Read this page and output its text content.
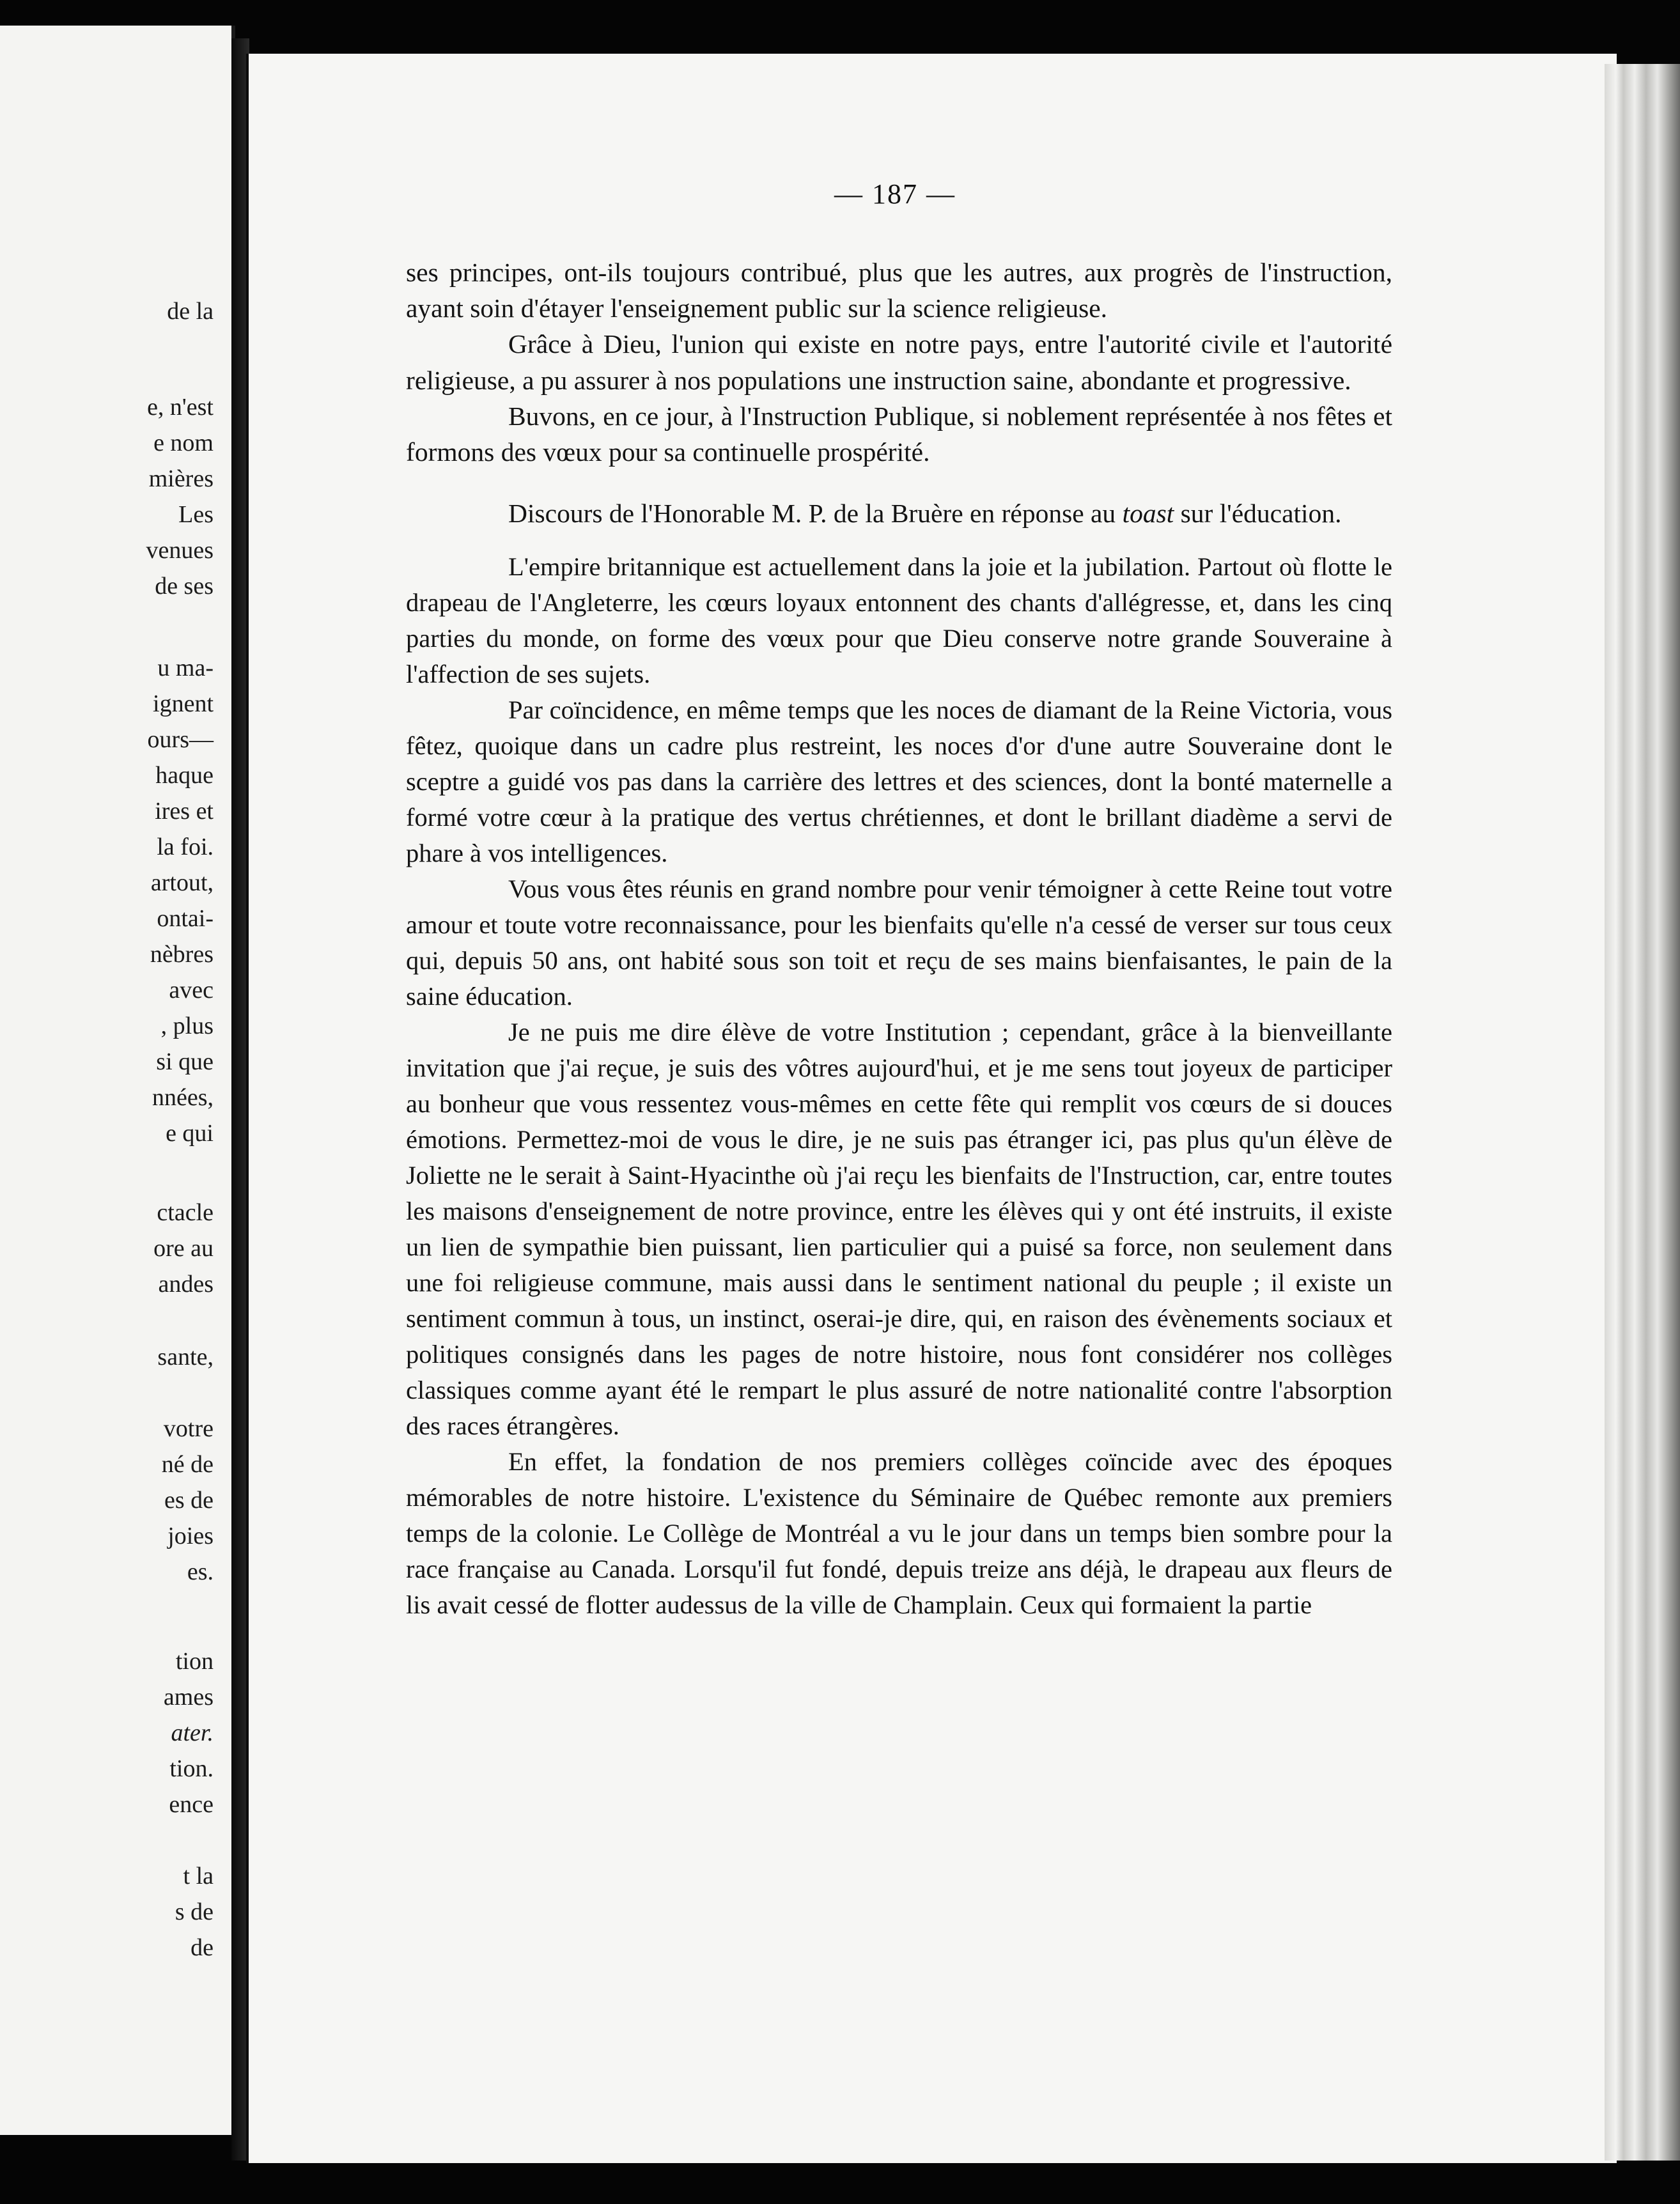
de la
e, n'est
e nom
mières
Les
venues
de ses
u ma-
ignent
ours—
haque
ires et
la foi.
artout,
ontai-
nèbres
avec
, plus
si que
nnées,
e qui
ctacle
ore au
andes
sante,
votre
né de
es de
joies
es.
tion
ames
ater.
tion.
ence
t la
s de
de
— 187 —

ses principes, ont-ils toujours contribué, plus que les autres, aux progrès de l'instruction, ayant soin d'étayer l'enseignement public sur la science religieuse.

Grâce à Dieu, l'union qui existe en notre pays, entre l'autorité civile et l'autorité religieuse, a pu assurer à nos populations une instruction saine, abondante et progressive.

Buvons, en ce jour, à l'Instruction Publique, si noblement représentée à nos fêtes et formons des vœux pour sa continuelle prospérité.

Discours de l'Honorable M. P. de la Bruère en réponse au toast sur l'éducation.

L'empire britannique est actuellement dans la joie et la jubilation. Partout où flotte le drapeau de l'Angleterre, les cœurs loyaux entonnent des chants d'allégresse, et, dans les cinq parties du monde, on forme des vœux pour que Dieu conserve notre grande Souveraine à l'affection de ses sujets.

Par coïncidence, en même temps que les noces de diamant de la Reine Victoria, vous fêtez, quoique dans un cadre plus restreint, les noces d'or d'une autre Souveraine dont le sceptre a guidé vos pas dans la carrière des lettres et des sciences, dont la bonté maternelle a formé votre cœur à la pratique des vertus chrétiennes, et dont le brillant diadème a servi de phare à vos intelligences.

Vous vous êtes réunis en grand nombre pour venir témoigner à cette Reine tout votre amour et toute votre reconnaissance, pour les bienfaits qu'elle n'a cessé de verser sur tous ceux qui, depuis 50 ans, ont habité sous son toit et reçu de ses mains bienfaisantes, le pain de la saine éducation.

Je ne puis me dire élève de votre Institution ; cependant, grâce à la bienveillante invitation que j'ai reçue, je suis des vôtres aujourd'hui, et je me sens tout joyeux de participer au bonheur que vous ressentez vous-mêmes en cette fête qui remplit vos cœurs de si douces émotions. Permettez-moi de vous le dire, je ne suis pas étranger ici, pas plus qu'un élève de Joliette ne le serait à Saint-Hyacinthe où j'ai reçu les bienfaits de l'Instruction, car, entre toutes les maisons d'enseignement de notre province, entre les élèves qui y ont été instruits, il existe un lien de sympathie bien puissant, lien particulier qui a puisé sa force, non seulement dans une foi religieuse commune, mais aussi dans le sentiment national du peuple ; il existe un sentiment commun à tous, un instinct, oserai-je dire, qui, en raison des évènements sociaux et politiques consignés dans les pages de notre histoire, nous font considérer nos collèges classiques comme ayant été le rempart le plus assuré de notre nationalité contre l'absorption des races étrangères.

En effet, la fondation de nos premiers collèges coïncide avec des époques mémorables de notre histoire. L'existence du Séminaire de Québec remonte aux premiers temps de la colonie. Le Collège de Montréal a vu le jour dans un temps bien sombre pour la race française au Canada. Lorsqu'il fut fondé, depuis treize ans déjà, le drapeau aux fleurs de lis avait cessé de flotter audessus de la ville de Champlain. Ceux qui formaient la partie
